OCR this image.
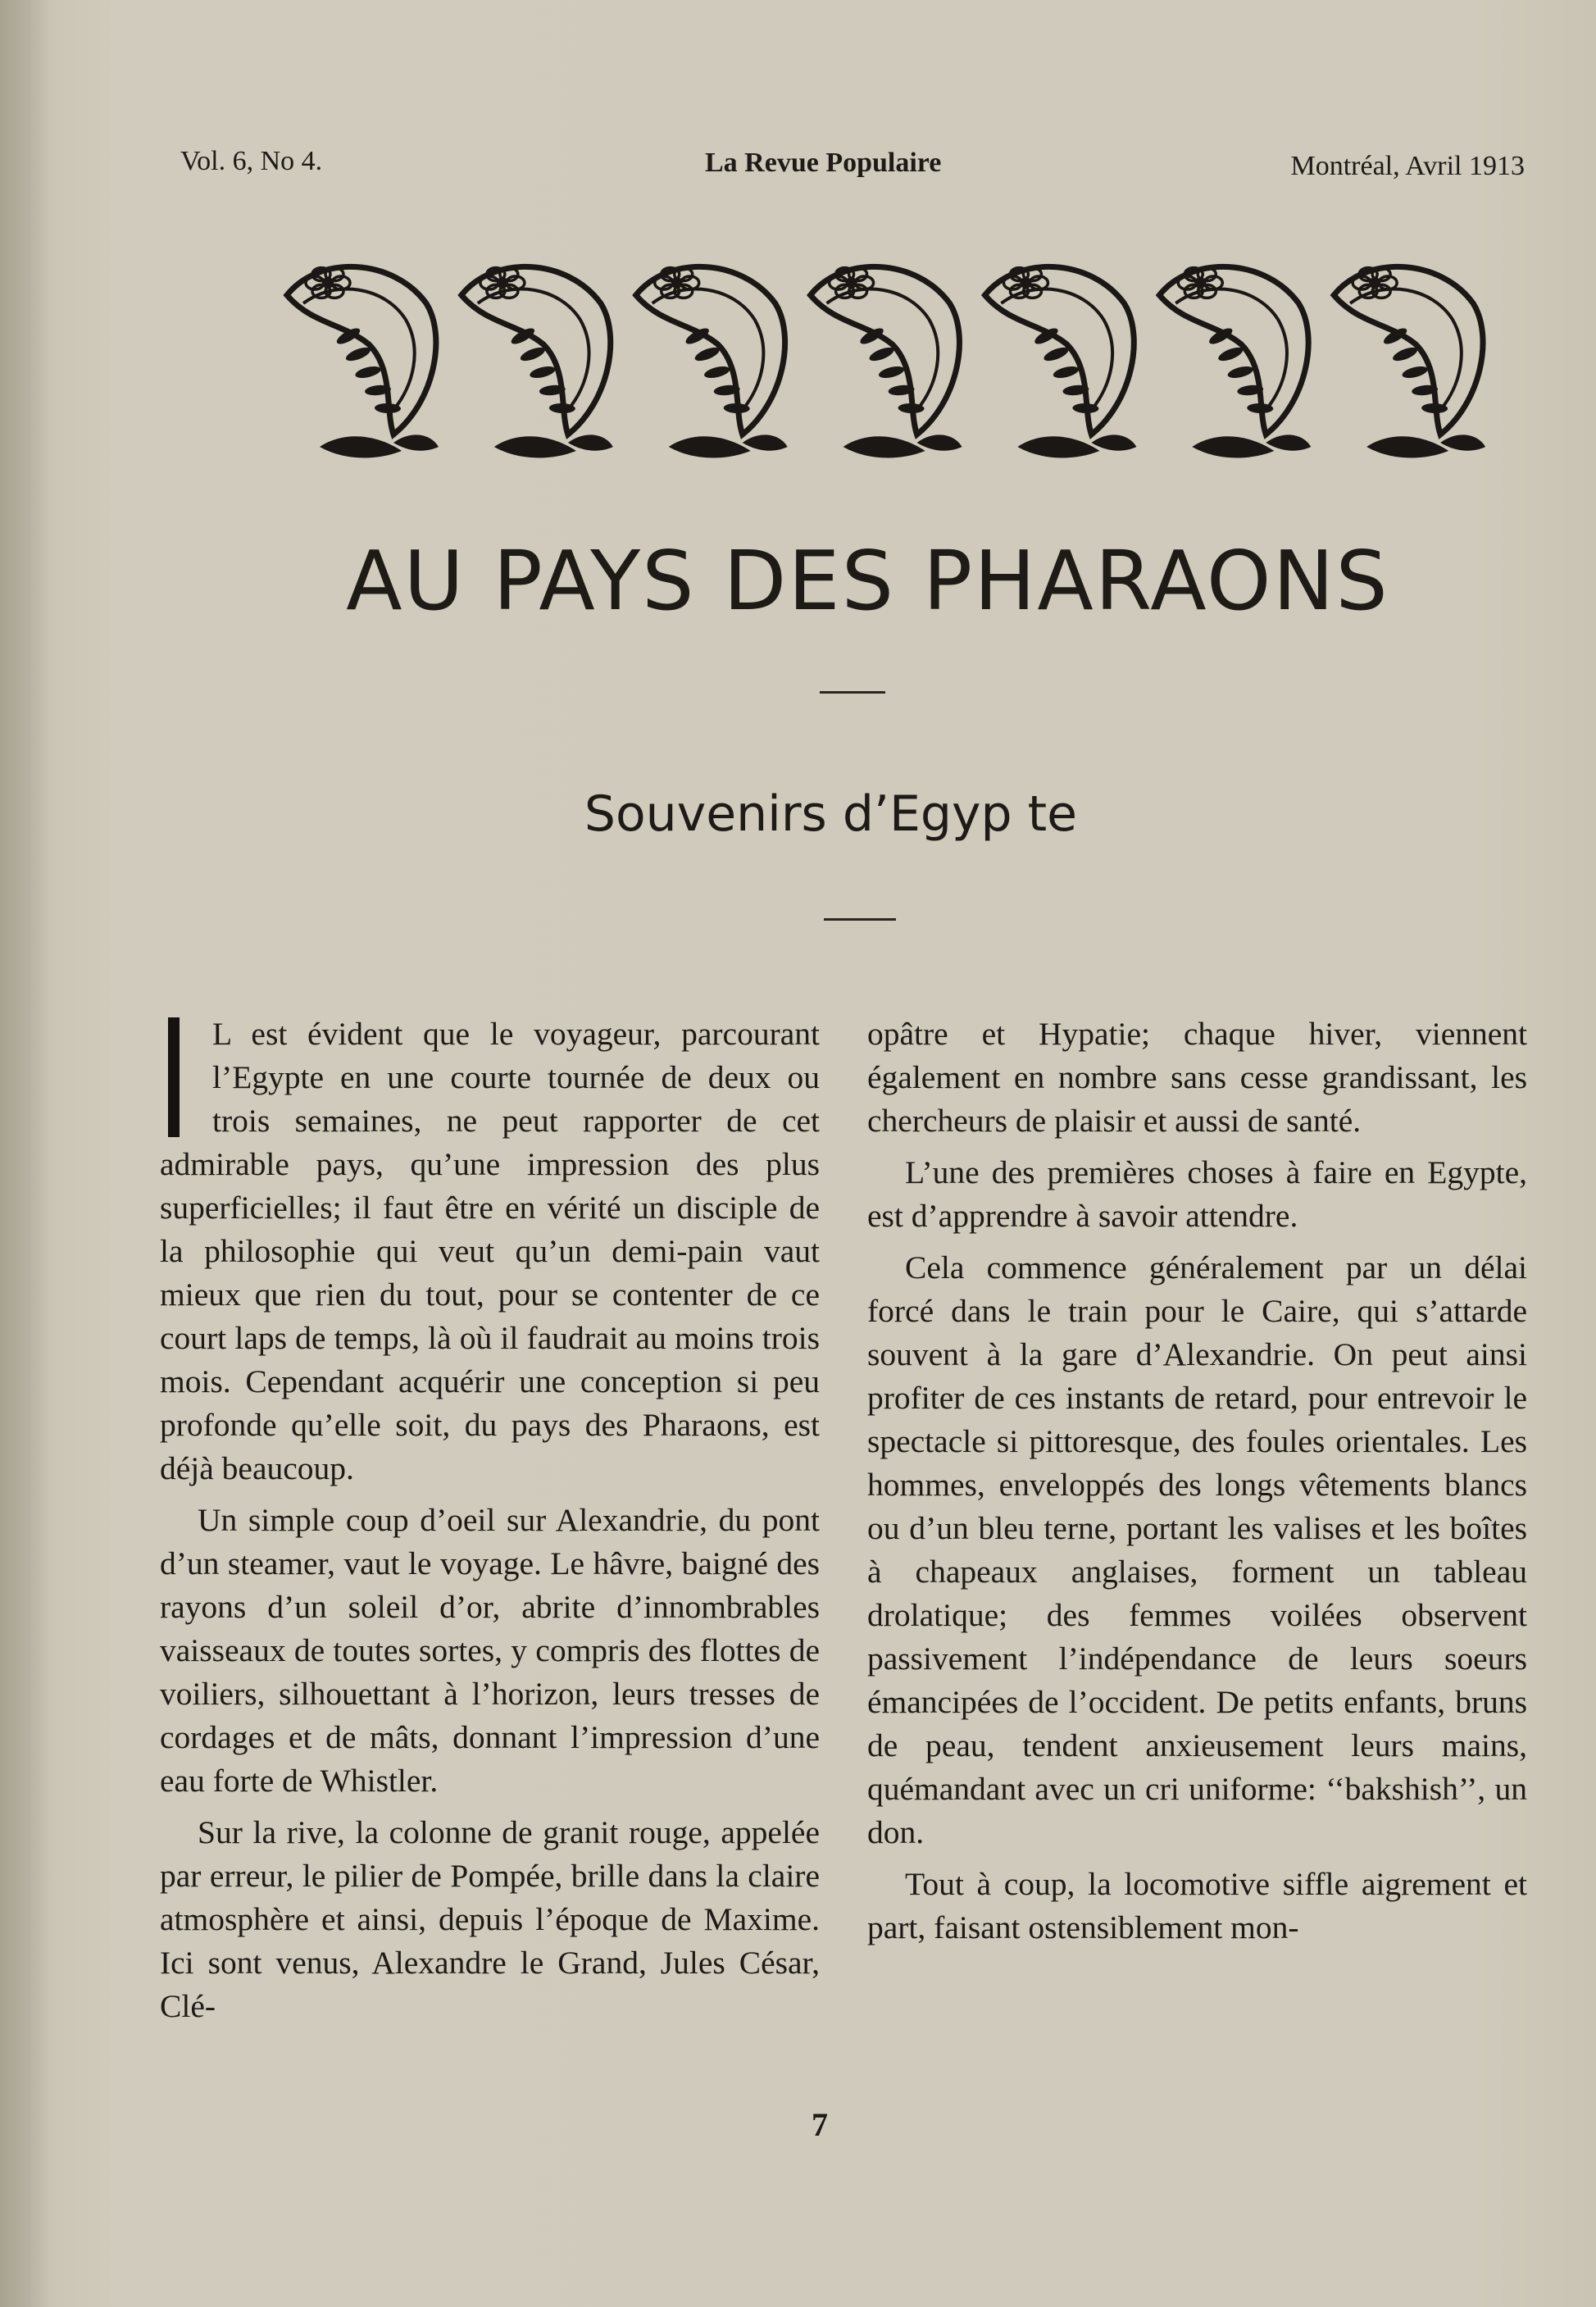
Vol. 6, No 4.	La Revue Populaire	Montréal, Avril 1913
AU PAYS DES PHARAONS
Souvenirs d’Egyp te

L est évident que le voyageur, parcourant l’Egypte en une courte tournée de deux ou trois semaines, ne peut rapporter de cet admirable pays, qu’une impression des plus superficielles; il faut être en vérité un disciple de la philosophie qui veut qu’un demi-pain vaut mieux que rien du tout, pour se contenter de ce court laps de temps, là où il faudrait au moins trois mois. Cependant acquérir une conception si peu profonde qu’elle soit, du pays des Pharaons, est déjà beaucoup.

Un simple coup d’oeil sur Alexandrie, du pont d’un steamer, vaut le voyage. Le hâvre, baigné des rayons d’un soleil d’or, abrite d’innombrables vaisseaux de toutes sortes, y compris des flottes de voiliers, silhouettant à l’horizon, leurs tresses de cordages et de mâts, donnant l’impression d’une eau forte de Whistler.

Sur la rive, la colonne de granit rouge, appelée par erreur, le pilier de Pompée, brille dans la claire atmosphère et ainsi, depuis l’époque de Maxime. Ici sont venus, Alexandre le Grand, Jules César, Clé-

opâtre et Hypatie; chaque hiver, viennent également en nombre sans cesse grandissant, les chercheurs de plaisir et aussi de santé.

L’une des premières choses à faire en Egypte, est d’apprendre à savoir attendre.

Cela commence généralement par un délai forcé dans le train pour le Caire, qui s’attarde souvent à la gare d’Alexandrie. On peut ainsi profiter de ces instants de retard, pour entrevoir le spectacle si pittoresque, des foules orientales. Les hommes, enveloppés des longs vêtements blancs ou d’un bleu terne, portant les valises et les boîtes à chapeaux anglaises, forment un tableau drolatique; des femmes voilées observent passivement l’indépendance de leurs soeurs émancipées de l’occident. De petits enfants, bruns de peau, tendent anxieusement leurs mains, quémandant avec un cri uniforme: ‘‘bakshish’’, un don.

Tout à coup, la locomotive siffle aigrement et part, faisant ostensiblement mon-

7
